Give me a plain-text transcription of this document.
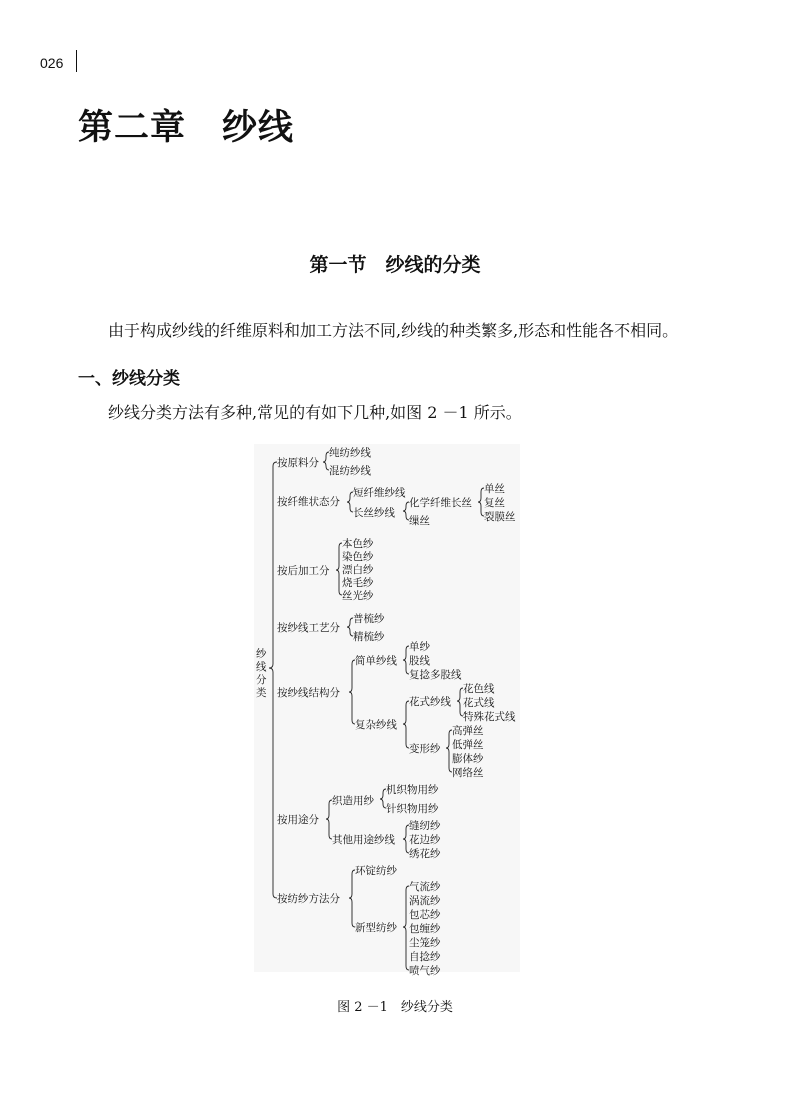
026
第二章　纱线
第一节　纱线的分类
由于构成纱线的纤维原料和加工方法不同,纱线的种类繁多,形态和性能各不相同。
一、纱线分类
纱线分类方法有多种,常见的有如下几种,如图 2 －1 所示。
按原料分
纯纺纱线
混纺纱线
按纤维状态分
短纤维纱线
长丝纱线
化学纤维长丝
缫丝
单丝
复丝
裂膜丝
按后加工分
本色纱
染色纱
漂白纱
烧毛纱
丝光纱
按纱线工艺分
普梳纱
精梳纱
按纱线结构分
简单纱线
复杂纱线
单纱
股线
复捻多股线
花式纱线
变形纱
花色线
花式线
特殊花式线
高弹丝
低弹丝
膨体纱
网络丝
按用途分
织造用纱
其他用途纱线
机织物用纱
针织物用纱
缝纫纱
花边纱
绣花纱
按纺纱方法分
环锭纺纱
新型纺纱
气流纱
涡流纱
包芯纱
包缠纱
尘笼纱
自捻纱
喷气纱
纱
线
分
类
图 2 －1　纱线分类
